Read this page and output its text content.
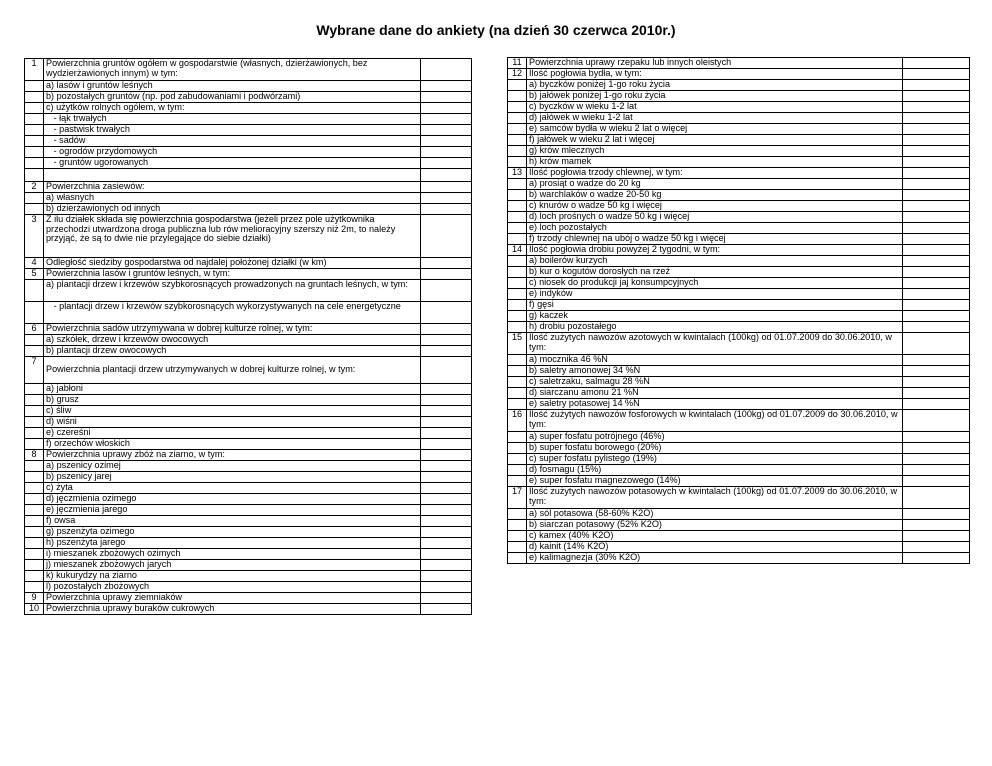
Wybrane dane do ankiety (na dzień 30 czerwca 2010r.)
1	Powierzchnia gruntów ogółem w gospodarstwie (własnych, dzierżawionych, bez wydzierżawionych innym) w tym:	
	a) lasów i gruntów leśnych	
	b) pozostałych gruntów (np. pod zabudowaniami i podwórzami)	
	c) użytków rolnych ogółem, w tym:	
	- łąk trwałych	
	- pastwisk trwałych	
	- sadów	
	- ogrodów przydomowych	
	- gruntów ugorowanych	

2	Powierzchnia zasiewów:	
	a) własnych	
	b) dzierżawionych od innych	
3	Z ilu działek składa się powierzchnia gospodarstwa (jeżeli przez pole użytkownika przechodzi utwardzona droga publiczna lub rów melioracyjny szerszy niż 2m, to należy przyjąć, że są to dwie nie przylegające do siebie działki)	
4	Odległość siedziby gospodarstwa od najdalej położonej działki (w km)	
5	Powierzchnia lasów i gruntów leśnych, w tym:	
	a) plantacji drzew i krzewów szybkorosnących prowadzonych na gruntach leśnych, w tym:	
	- plantacji drzew i krzewów szybkorosnących wykorzystywanych na cele energetyczne	
6	Powierzchnia sadów utrzymywana w dobrej kulturze rolnej, w tym:	
	a) szkółek, drzew i krzewów owocowych	
	b) plantacji drzew owocowych	
7	Powierzchnia plantacji drzew utrzymywanych w dobrej kulturze rolnej, w tym:	
	a) jabłoni	
	b) grusz	
	c) śliw	
	d) wiśni	
	e) czereśni	
	f) orzechów włoskich	
8	Powierzchnia uprawy zbóż na ziarno, w tym:	
	a) pszenicy ozimej	
	b) pszenicy jarej	
	c) żyta	
	d) jęczmienia ozimego	
	e) jęczmienia jarego	
	f) owsa	
	g) pszenżyta ozimego	
	h) pszenżyta jarego	
	i) mieszanek zbożowych ozimych	
	j) mieszanek zbożowych jarych	
	k) kukurydzy na ziarno	
	l) pozostałych zbożowych	
9	Powierzchnia uprawy ziemniaków	
10	Powierzchnia uprawy buraków cukrowych	
11	Powierzchnia uprawy rzepaku lub innych oleistych	
12	Ilość pogłowia bydła, w tym:	
	a) byczków poniżej 1-go roku życia	
	b) jałówek poniżej 1-go roku życia	
	c) byczków w wieku 1-2 lat	
	d) jałówek w wieku 1-2 lat	
	e) samców bydła w wieku 2 lat o więcej	
	f) jałówek w wieku 2 lat i więcej	
	g) krów mlecznych	
	h) krów mamek	
13	Ilość pogłowia trzody chlewnej, w tym:	
	a) prosiąt o wadze do 20 kg	
	b) warchlaków o wadze 20-50 kg	
	c) knurów o wadze 50 kg i więcej	
	d) loch prośnych o wadze 50 kg i więcej	
	e) loch pozostałych	
	f) trzody chlewnej na ubój o wadze 50 kg i więcej	
14	Ilość pogłowia drobiu powyżej 2 tygodni, w tym:	
	a) boilerów kurzych	
	b) kur o kogutów dorosłych na rzeź	
	c) niosek do produkcji jaj konsumpcyjnych	
	e) indyków	
	f) gęsi	
	g) kaczek	
	h) drobiu pozostałego	
15	Ilość zużytych nawozów azotowych w kwintalach (100kg) od 01.07.2009 do 30.06.2010, w tym:	
	a) mocznika 46 %N	
	b) saletry amonowej 34 %N	
	c) saletrzaku, salmagu 28 %N	
	d) siarczanu amonu 21 %N	
	e) saletry potasowej 14 %N	
16	Ilość zużytych nawozów fosforowych w kwintalach (100kg) od 01.07.2009 do 30.06.2010, w tym:	
	a) super fosfatu potrójnego (46%)	
	b) super fosfatu borowego (20%)	
	c) super fosfatu pylistego (19%)	
	d) fosmagu (15%)	
	e) super fosfatu magnezowego (14%)	
17	Ilość zużytych nawozów potasowych w kwintalach (100kg) od 01.07.2009 do 30.06.2010, w tym:	
	a) sól potasowa (58-60% K2O)	
	b) siarczan potasowy (52% K2O)	
	c) kamex (40% K2O)	
	d) kainit (14% K2O)	
	e) kalimagnezja (30% K2O)	
